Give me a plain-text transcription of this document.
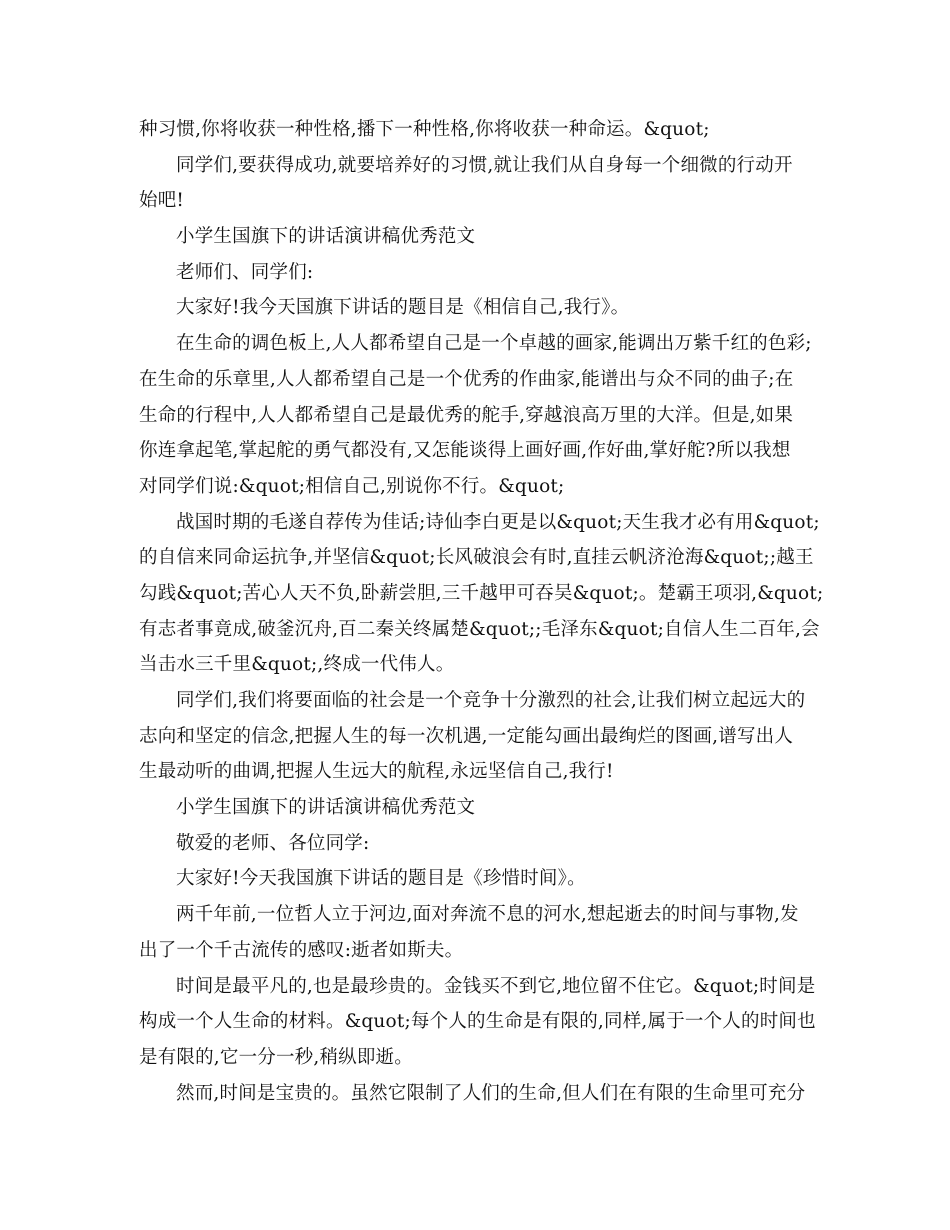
种习惯,你将收获一种性格,播下一种性格,你将收获一种命运。&quot;
同学们,要获得成功,就要培养好的习惯,就让我们从自身每一个细微的行动开
始吧!
小学生国旗下的讲话演讲稿优秀范文
老师们、同学们:
大家好!我今天国旗下讲话的题目是《相信自己,我行》。
在生命的调色板上,人人都希望自己是一个卓越的画家,能调出万紫千红的色彩;
在生命的乐章里,人人都希望自己是一个优秀的作曲家,能谱出与众不同的曲子;在
生命的行程中,人人都希望自己是最优秀的舵手,穿越浪高万里的大洋。但是,如果
你连拿起笔,掌起舵的勇气都没有,又怎能谈得上画好画,作好曲,掌好舵?所以我想
对同学们说:&quot;相信自己,别说你不行。&quot;
战国时期的毛遂自荐传为佳话;诗仙李白更是以&quot;天生我才必有用&quot;
的自信来同命运抗争,并坚信&quot;长风破浪会有时,直挂云帆济沧海&quot;;越王
勾践&quot;苦心人天不负,卧薪尝胆,三千越甲可吞吴&quot;。楚霸王项羽,&quot;
有志者事竟成,破釜沉舟,百二秦关终属楚&quot;;毛泽东&quot;自信人生二百年,会
当击水三千里&quot;,终成一代伟人。
同学们,我们将要面临的社会是一个竞争十分激烈的社会,让我们树立起远大的
志向和坚定的信念,把握人生的每一次机遇,一定能勾画出最绚烂的图画,谱写出人
生最动听的曲调,把握人生远大的航程,永远坚信自己,我行!
小学生国旗下的讲话演讲稿优秀范文
敬爱的老师、各位同学:
大家好!今天我国旗下讲话的题目是《珍惜时间》。
两千年前,一位哲人立于河边,面对奔流不息的河水,想起逝去的时间与事物,发
出了一个千古流传的感叹:逝者如斯夫。
时间是最平凡的,也是最珍贵的。金钱买不到它,地位留不住它。&quot;时间是
构成一个人生命的材料。&quot;每个人的生命是有限的,同样,属于一个人的时间也
是有限的,它一分一秒,稍纵即逝。
然而,时间是宝贵的。虽然它限制了人们的生命,但人们在有限的生命里可充分
